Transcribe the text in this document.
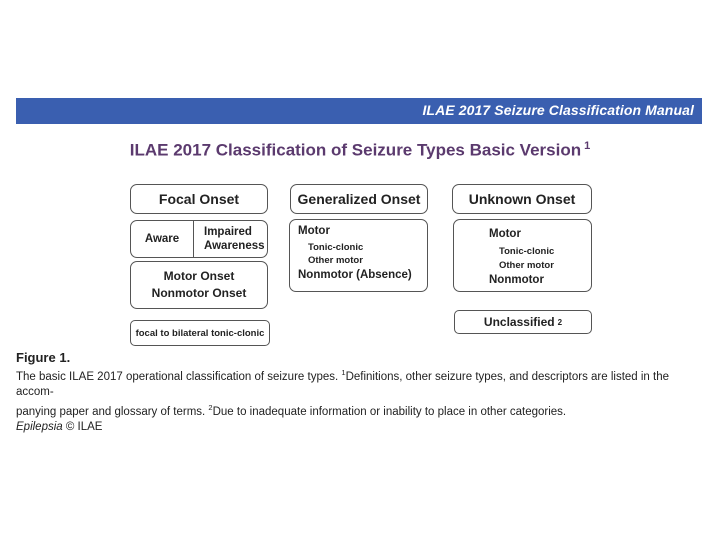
ILAE 2017 Seizure Classification Manual
ILAE 2017 Classification of Seizure Types Basic Version $^1$
Focal Onset
Aware
Impaired
Awareness
Motor Onset
Nonmotor Onset
focal to bilateral tonic-clonic
Generalized Onset
Motor
Tonic-clonic
Other motor
Nonmotor (Absence)
Unknown Onset
Motor
Tonic-clonic
Other motor
Nonmotor
Unclassified 2
Figure 1.
The basic ILAE 2017 operational classification of seizure types. $^1$Definitions, other seizure types, and descriptors are listed in the accom-
panying paper and glossary of terms. $^2$Due to inadequate information or inability to place in other categories.
Epilepsia © ILAE
